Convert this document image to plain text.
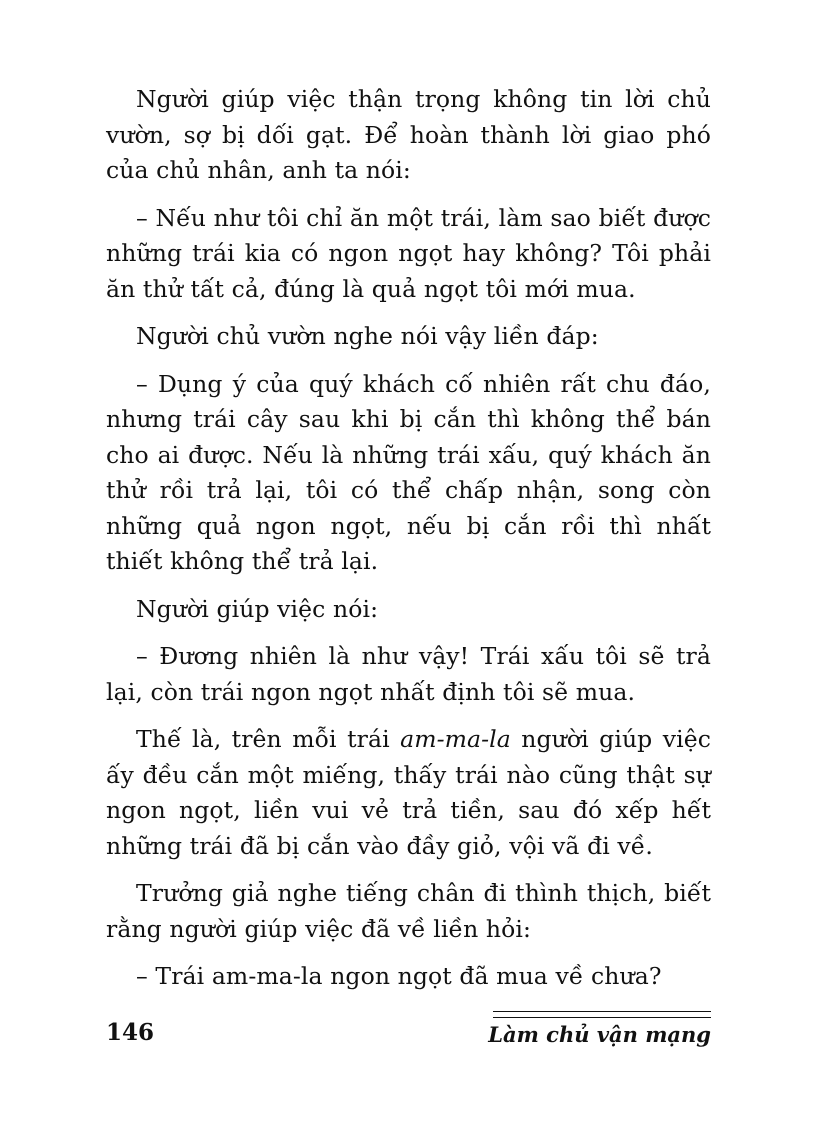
Người giúp việc thận trọng không tin lời chủ vườn, sợ bị dối gạt. Để hoàn thành lời giao phó của chủ nhân, anh ta nói:

– Nếu như tôi chỉ ăn một trái, làm sao biết được những trái kia có ngon ngọt hay không? Tôi phải ăn thử tất cả, đúng là quả ngọt tôi mới mua.

Người chủ vườn nghe nói vậy liền đáp:

– Dụng ý của quý khách cố nhiên rất chu đáo, nhưng trái cây sau khi bị cắn thì không thể bán cho ai được. Nếu là những trái xấu, quý khách ăn thử rồi trả lại, tôi có thể chấp nhận, song còn những quả ngon ngọt, nếu bị cắn rồi thì nhất thiết không thể trả lại.

Người giúp việc nói:

– Đương nhiên là như vậy! Trái xấu tôi sẽ trả lại, còn trái ngon ngọt nhất định tôi sẽ mua.

Thế là, trên mỗi trái am-ma-la người giúp việc ấy đều cắn một miếng, thấy trái nào cũng thật sự ngon ngọt, liền vui vẻ trả tiền, sau đó xếp hết những trái đã bị cắn vào đầy giỏ, vội vã đi về.

Trưởng giả nghe tiếng chân đi thình thịch, biết rằng người giúp việc đã về liền hỏi:

– Trái am-ma-la ngon ngọt đã mua về chưa?

146	Làm chủ vận mạng
